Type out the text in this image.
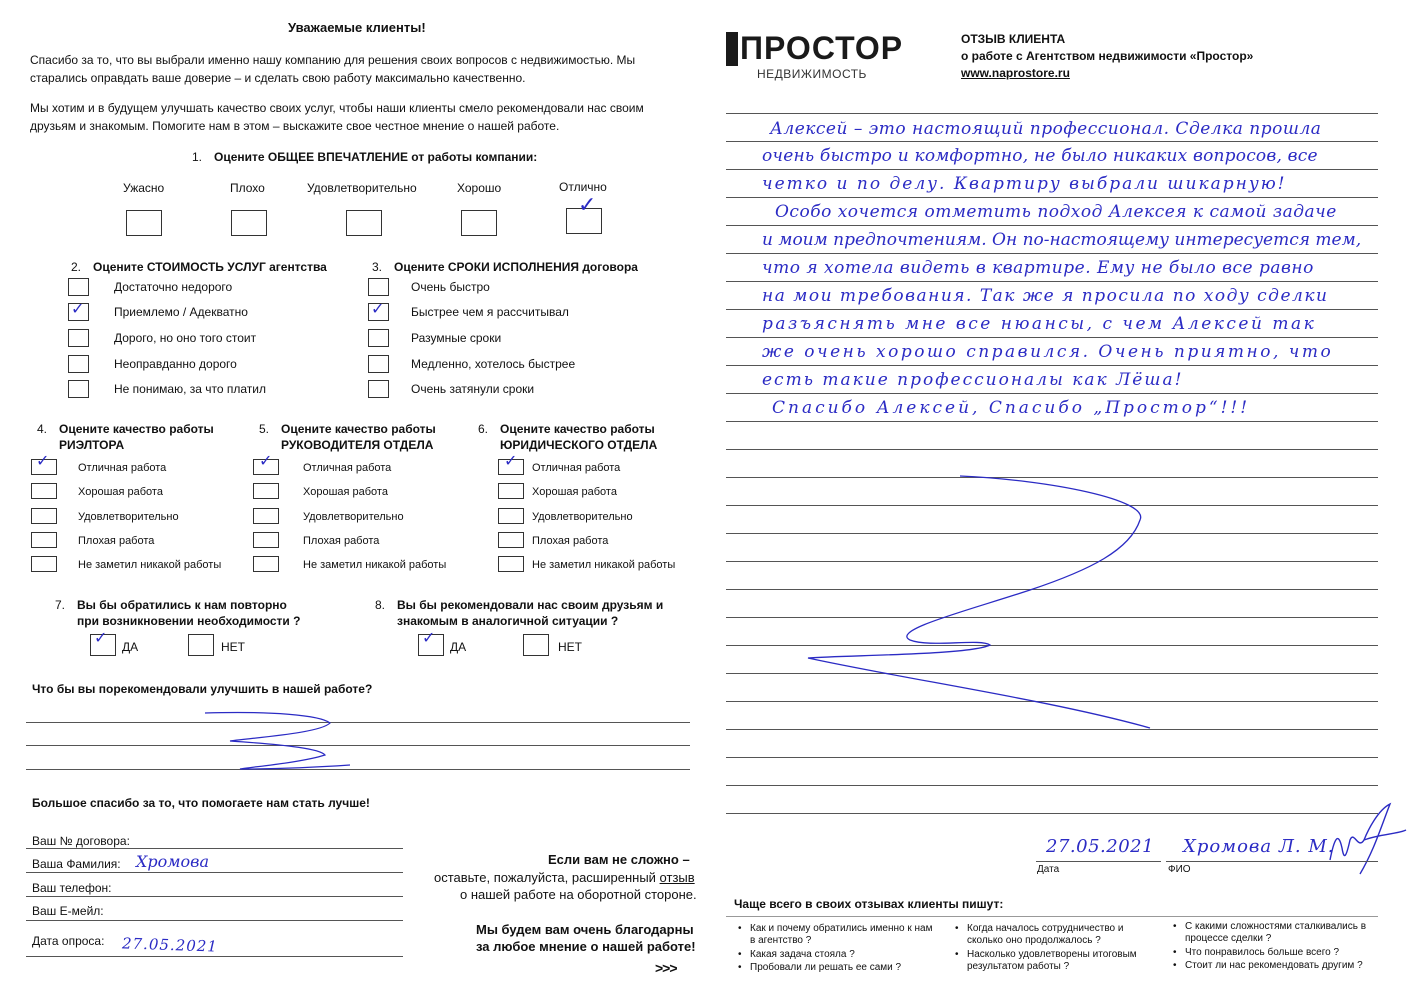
Уважаемые клиенты!
Спасибо за то, что вы выбрали именно нашу компанию для решения своих вопросов с недвижимостью. Мы старались оправдать ваше доверие – и сделать свою работу максимально качественно.
Мы хотим и в будущем улучшать качество своих услуг, чтобы наши клиенты смело рекомендовали нас своим друзьям и знакомым. Помогите нам в этом – выскажите свое честное мнение о нашей работе.
1. Оцените ОБЩЕЕ ВПЕЧАТЛЕНИЕ от работы компании:
Ужасно	Плохо	Удовлетворительно	Хорошо	Отлично
✓
2. Оцените СТОИМОСТЬ УСЛУГ агентства
✓
Достаточно недорого
Приемлемо / Адекватно
Дорого, но оно того стоит
Неоправданно дорого
Не понимаю, за что платил
3. Оцените СРОКИ ИСПОЛНЕНИЯ договора
✓
Очень быстро
Быстрее чем я рассчитывал
Разумные сроки
Медленно, хотелось быстрее
Очень затянули сроки
4. Оцените качество работы
РИЭЛТОРА
✓	Отличная работа
Хорошая работа
Удовлетворительно
Плохая работа
Не заметил никакой работы
5. Оцените качество работы
РУКОВОДИТЕЛЯ ОТДЕЛА
✓	Отличная работа
Хорошая работа
Удовлетворительно
Плохая работа
Не заметил никакой работы
6. Оцените качество работы
ЮРИДИЧЕСКОГО ОТДЕЛА
✓ Отличная работа
Хорошая работа
Удовлетворительно
Плохая работа
Не заметил никакой работы
7. Вы бы обратились к нам повторно
при возникновении необходимости ?
✓ ДА	НЕТ
8. Вы бы рекомендовали нас своим друзьям и
знакомым в аналогичной ситуации ?
✓ ДА	НЕТ
Что бы вы порекомендовали улучшить в нашей работе?
Большое спасибо за то, что помогаете нам стать лучше!
Ваш № договора:
Ваша Фамилия: Хромова
Ваш телефон:
Ваш Е-мейл:
Дата опроса: 27.05.2021
Если вам не сложно –
оставьте, пожалуйста, расширенный отзыв
о нашей работе на оборотной стороне.
Мы будем вам очень благодарны
за любое мнение о нашей работе!
>>>
ПРОСТОР
НЕДВИЖИМОСТЬ
ОТЗЫВ КЛИЕНТА
о работе с Агентством недвижимости «Простор»
www.naprostore.ru
Алексей – это настоящий профессионал. Сделка прошла
очень быстро и комфортно, не было никаких вопросов, все
четко и по делу. Квартиру выбрали шикарную!
Особо хочется отметить подход Алексея к самой задаче
и моим предпочтениям. Он по-настоящему интересуется тем,
что я хотела видеть в квартире. Ему не было все равно
на мои требования. Так же я просила по ходу сделки
разъяснять мне все нюансы, с чем Алексей так
же очень хорошо справился. Очень приятно, что
есть такие профессионалы как Лёша!
Спасибо Алексей, Спасибо „Простор“!!!
27.05.2021 Хромова Л. М.
Дата	ФИО
Чаще всего в своих отзывах клиенты пишут:
• Как и почему обратились именно к нам в агентство ?
• Какая задача стояла ?
• Пробовали ли решать ее сами ?
• Когда началось сотрудничество и сколько оно продолжалось ?
• Насколько удовлетворены итоговым результатом работы ?
• С какими сложностями сталкивались в процессе сделки ?
• Что понравилось больше всего ?
• Стоит ли нас рекомендовать другим ?
